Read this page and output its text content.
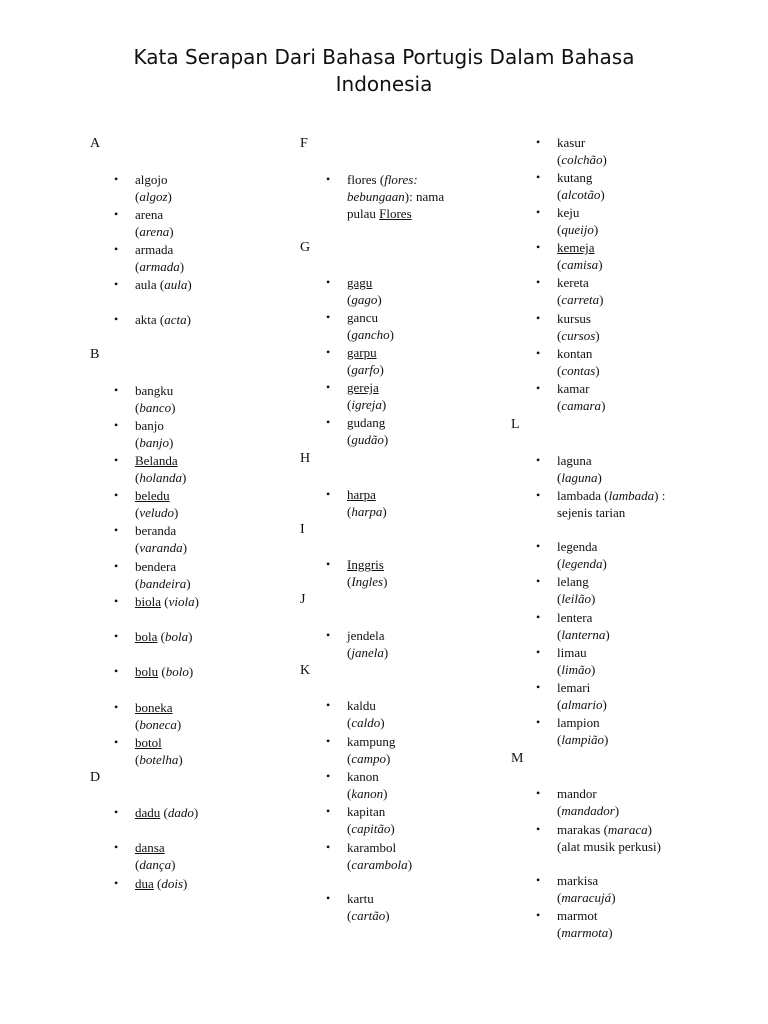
Kata Serapan Dari Bahasa Portugis Dalam Bahasa Indonesia
A
• algojo (algoz)
• arena (arena)
• armada (armada)
• aula (aula)
• akta (acta)
B
• bangku (banco)
• banjo (banjo)
• Belanda (holanda)
• beledu (veludo)
• beranda (varanda)
• bendera (bandeira)
• biola (viola)
• bola (bola)
• bolu (bolo)
• boneka (boneca)
• botol (botelha)
D
• dadu (dado)
• dansa (dança)
• dua (dois)
F
• flores (flores:
bebungaan): nama
pulau Flores
G
• gagu (gago)
• gancu (gancho)
• garpu (garfo)
• gereja (igreja)
• gudang (gudão)
H
• harpa (harpa)
I
• Inggris (Ingles)
J
• jendela (janela)
K
• kaldu (caldo)
• kampung (campo)
• kanon (kanon)
• kapitan (capitão)
• karambol
(carambola)
• kartu (cartão)
• kasur (colchão)
• kutang (alcotão)
• keju (queijo)
• kemeja (camisa)
• kereta (carreta)
• kursus (cursos)
• kontan (contas)
• kamar (camara)
L
• laguna (laguna)
• lambada (lambada) :
sejenis tarian
• legenda (legenda)
• lelang (leilão)
• lentera (lanterna)
• limau (limão)
• lemari (almario)
• lampion (lampião)
M
• mandor (mandador)
• marakas (maraca)
(alat musik perkusi)
• markisa (maracujá)
• marmot (marmota)
